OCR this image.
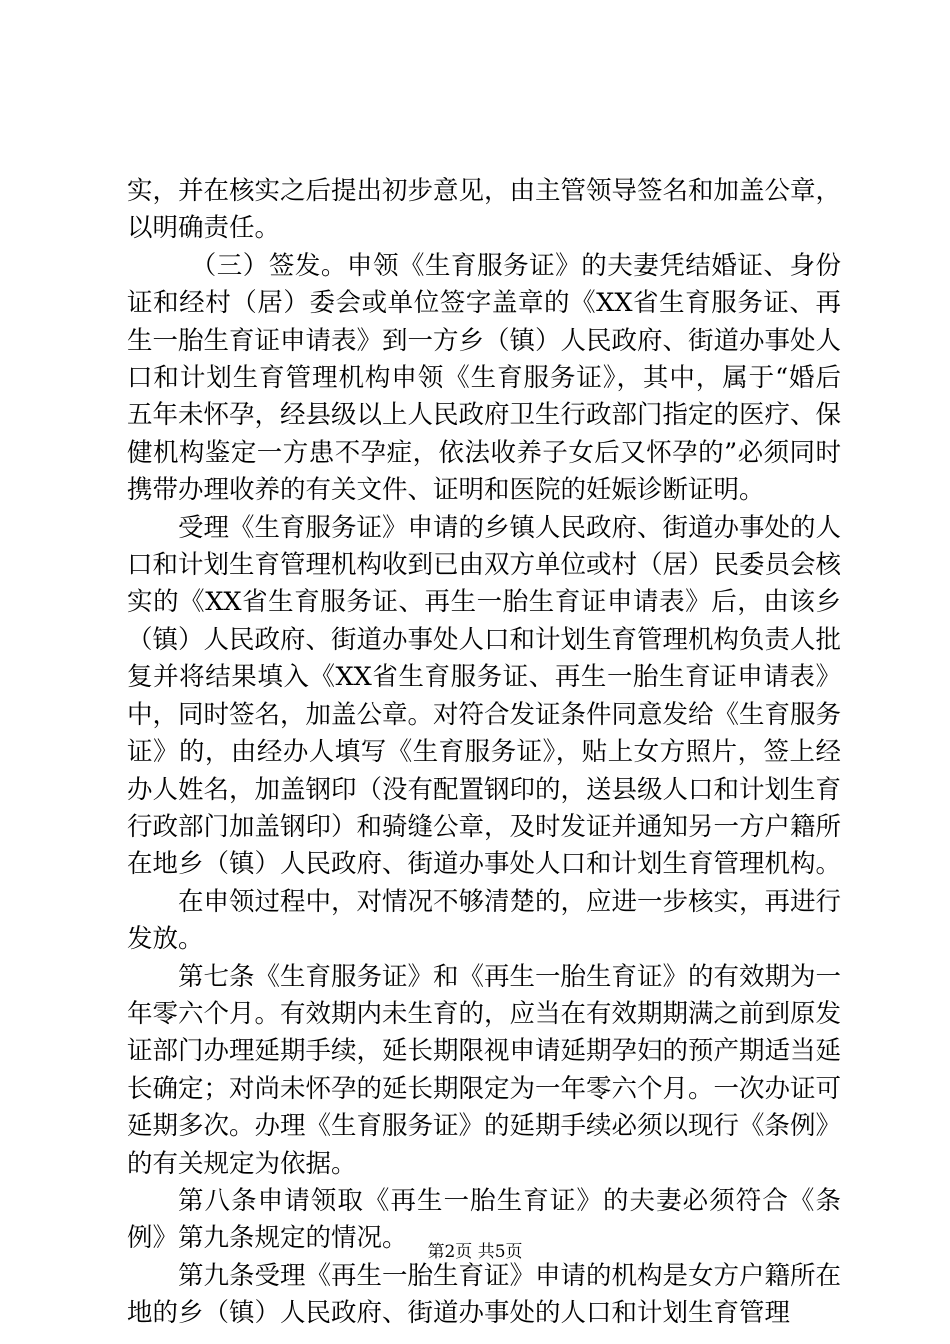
实，并在核实之后提出初步意见，由主管领导签名和加盖公章，以明确责任。

（三）签发。申领《生育服务证》的夫妻凭结婚证、身份证和经村（居）委会或单位签字盖章的《XX省生育服务证、再生一胎生育证申请表》到一方乡（镇）人民政府、街道办事处人口和计划生育管理机构申领《生育服务证》，其中，属于“婚后五年未怀孕，经县级以上人民政府卫生行政部门指定的医疗、保健机构鉴定一方患不孕症，依法收养子女后又怀孕的”必须同时携带办理收养的有关文件、证明和医院的妊娠诊断证明。

受理《生育服务证》申请的乡镇人民政府、街道办事处的人口和计划生育管理机构收到已由双方单位或村（居）民委员会核实的《XX省生育服务证、再生一胎生育证申请表》后，由该乡（镇）人民政府、街道办事处人口和计划生育管理机构负责人批复并将结果填入《XX省生育服务证、再生一胎生育证申请表》中，同时签名，加盖公章。对符合发证条件同意发给《生育服务证》的，由经办人填写《生育服务证》，贴上女方照片，签上经办人姓名，加盖钢印（没有配置钢印的，送县级人口和计划生育行政部门加盖钢印）和骑缝公章，及时发证并通知另一方户籍所在地乡（镇）人民政府、街道办事处人口和计划生育管理机构。

在申领过程中，对情况不够清楚的，应进一步核实，再进行发放。

第七条《生育服务证》和《再生一胎生育证》的有效期为一年零六个月。有效期内未生育的，应当在有效期期满之前到原发证部门办理延期手续，延长期限视申请延期孕妇的预产期适当延长确定；对尚未怀孕的延长期限定为一年零六个月。一次办证可延期多次。办理《生育服务证》的延期手续必须以现行《条例》的有关规定为依据。

第八条申请领取《再生一胎生育证》的夫妻必须符合《条例》第九条规定的情况。

第九条受理《再生一胎生育证》申请的机构是女方户籍所在地的乡（镇）人民政府、街道办事处的人口和计划生育管理

第2页 共5页
